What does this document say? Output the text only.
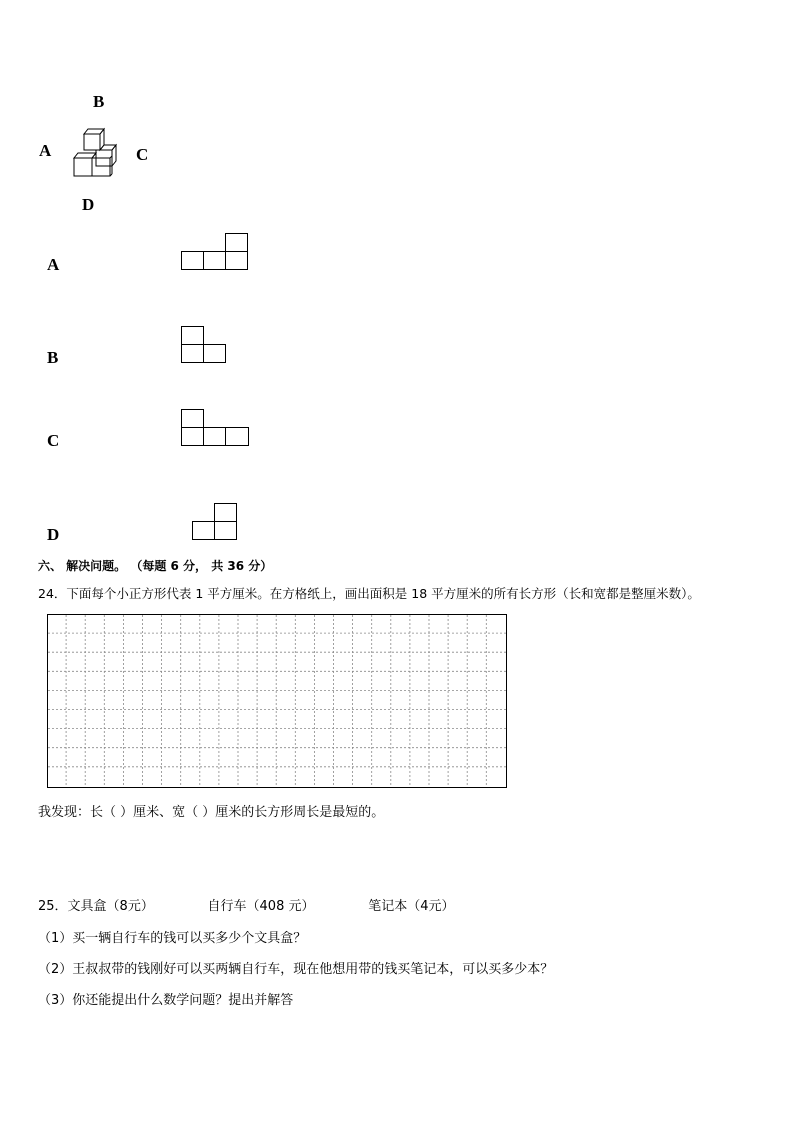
B
A	C
D
A
B
C
D
六、 解决问题。 （每题 6 分， 共 36 分）
24．下面每个小正方形代表 1 平方厘米。在方格纸上，画出面积是 18 平方厘米的所有长方形（长和宽都是整厘米数）。
我发现：长（ ）厘米、宽（ ）厘米的长方形周长是最短的。
25．文具盒（8元）             自行车（408 元）             笔记本（4元）
（1）买一辆自行车的钱可以买多少个文具盒？
（2）王叔叔带的钱刚好可以买两辆自行车，现在他想用带的钱买笔记本，可以买多少本？
（3）你还能提出什么数学问题？提出并解答
